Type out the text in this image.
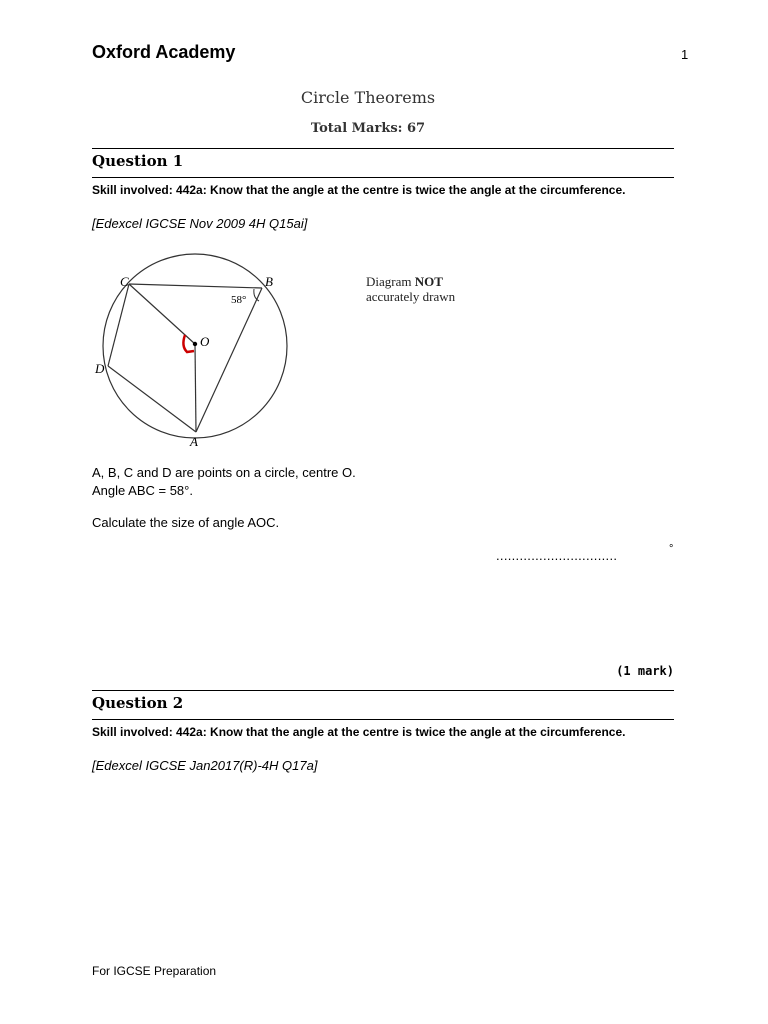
Oxford Academy	1
Circle Theorems
Total Marks: 67
Question 1
Skill involved: 442a: Know that the angle at the centre is twice the angle at the circumference.
[Edexcel IGCSE Nov 2009 4H Q15ai]
C	B
D
A
O
58°
Diagram NOT
accurately drawn
A, B, C and D are points on a circle, centre O.
Angle ABC = 58°.
Calculate the size of angle AOC.
...............................	°
(1 mark)
Question 2
Skill involved: 442a: Know that the angle at the centre is twice the angle at the circumference.
[Edexcel IGCSE Jan2017(R)-4H Q17a]
For IGCSE Preparation
